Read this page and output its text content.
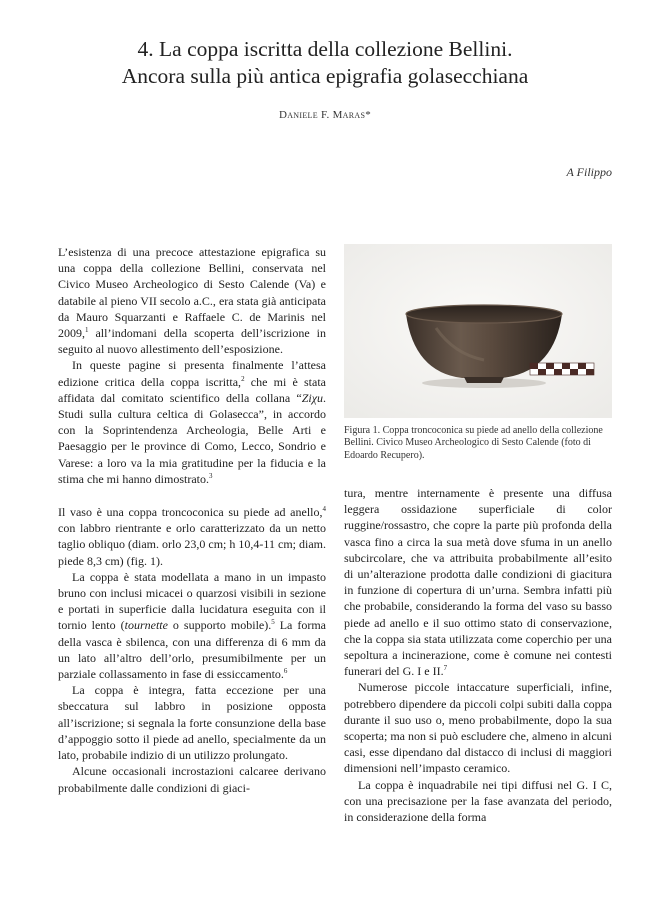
4. La coppa iscritta della collezione Bellini.
Ancora sulla più antica epigrafia golasecchiana
Daniele F. Maras*
A Filippo
Figura 1. Coppa troncoconica su piede ad anello della collezione Bellini. Civico Museo Archeologico di Sesto Calende (foto di Edoardo Recupero).

L’esistenza di una precoce attestazione epigrafica su una coppa della collezione Bellini, conservata nel Civico Museo Archeologico di Sesto Calende (Va) e databile al pieno VII secolo a.C., era stata già anticipata da Mauro Squarzanti e Raffaele C. de Marinis nel 2009,$^1$ all’indomani della scoperta dell’iscrizione in seguito al nuovo allestimento dell’esposizione.

In queste pagine si presenta finalmente l’attesa edizione critica della coppa iscritta,$^2$ che mi è stata affidata dal comitato scientifico della collana “Ziχu. Studi sulla cultura celtica di Golasecca”, in accordo con la Soprintendenza Archeologia, Belle Arti e Paesaggio per le province di Como, Lecco, Sondrio e Varese: a loro va la mia gratitudine per la fiducia e la stima che mi hanno dimostrato.$^3$

Il vaso è una coppa troncoconica su piede ad anello,$^4$ con labbro rientrante e orlo caratterizzato da un netto taglio obliquo (diam. orlo 23,0 cm; h 10,4-11 cm; diam. piede 8,3 cm) (fig. 1).

La coppa è stata modellata a mano in un impasto bruno con inclusi micacei o quarzosi visibili in sezione e portati in superficie dalla lucidatura eseguita con il tornio lento (tournette o supporto mobile).$^5$ La forma della vasca è sbilenca, con una differenza di 6 mm da un lato all’altro dell’orlo, presumibilmente per un parziale collassamento in fase di essiccamento.$^6$

La coppa è integra, fatta eccezione per una sbeccatura sul labbro in posizione opposta all’iscrizione; si segnala la forte consunzione della base d’appoggio sotto il piede ad anello, specialmente da un lato, probabile indizio di un utilizzo prolungato.

Alcune occasionali incrostazioni calcaree derivano probabilmente dalle condizioni di giaci-

tura, mentre internamente è presente una diffusa leggera ossidazione superficiale di color ruggine/rossastro, che copre la parte più profonda della vasca fino a circa la sua metà dove sfuma in un anello subcircolare, che va attribuita probabilmente all’esito di un’alterazione prodotta dalle condizioni di giacitura in funzione di copertura di un’urna. Sembra infatti più che probabile, considerando la forma del vaso su basso piede ad anello e il suo ottimo stato di conservazione, che la coppa sia stata utilizzata come coperchio per una sepoltura a incinerazione, come è comune nei contesti funerari del G. I e II.$^7$

Numerose piccole intaccature superficiali, infine, potrebbero dipendere da piccoli colpi subiti dalla coppa durante il suo uso o, meno probabilmente, dopo la sua scoperta; ma non si può escludere che, almeno in alcuni casi, esse dipendano dal distacco di inclusi di maggiori dimensioni nell’impasto ceramico.

La coppa è inquadrabile nei tipi diffusi nel G. I C, con una precisazione per la fase avanzata del periodo, in considerazione della forma
